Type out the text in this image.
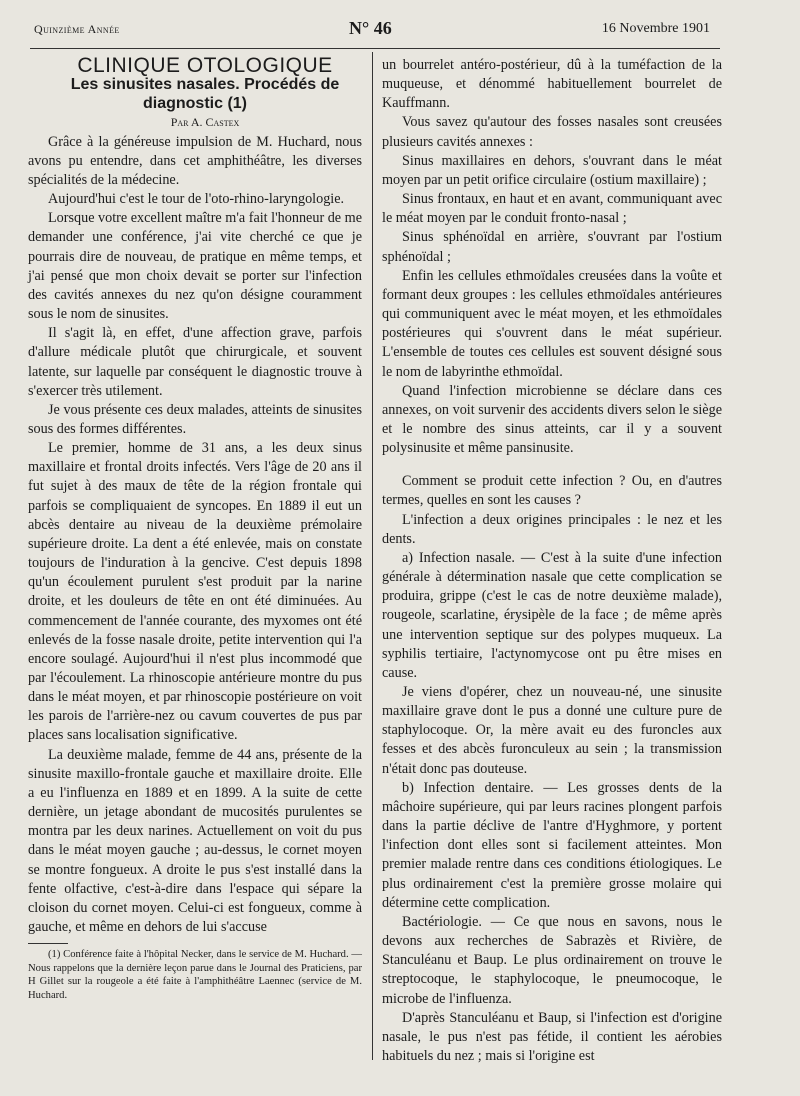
Quinzième Année	N° 46	16 Novembre 1901

CLINIQUE OTOLOGIQUE

Les sinusites nasales. Procédés de diagnostic (1)

Par A. Castex

Grâce à la généreuse impulsion de M. Huchard, nous avons pu entendre, dans cet amphithéâtre, les diverses spécialités de la médecine.

Aujourd'hui c'est le tour de l'oto-rhino-laryngologie.

Lorsque votre excellent maître m'a fait l'honneur de me demander une conférence, j'ai vite cherché ce que je pourrais dire de nouveau, de pratique en même temps, et j'ai pensé que mon choix devait se porter sur l'infection des cavités annexes du nez qu'on désigne couramment sous le nom de sinusites.

Il s'agit là, en effet, d'une affection grave, parfois d'allure médicale plutôt que chirurgicale, et souvent latente, sur laquelle par conséquent le diagnostic trouve à s'exercer très utilement.

Je vous présente ces deux malades, atteints de sinusites sous des formes différentes.

Le premier, homme de 31 ans, a les deux sinus maxillaire et frontal droits infectés. Vers l'âge de 20 ans il fut sujet à des maux de tête de la région frontale qui parfois se compliquaient de syncopes. En 1889 il eut un abcès dentaire au niveau de la deuxième prémolaire supérieure droite. La dent a été enlevée, mais on constate toujours de l'induration à la gencive. C'est depuis 1898 qu'un écoulement purulent s'est produit par la narine droite, et les douleurs de tête en ont été diminuées. Au commencement de l'année courante, des myxomes ont été enlevés de la fosse nasale droite, petite intervention qui l'a encore soulagé. Aujourd'hui il n'est plus incommodé que par l'écoulement. La rhinoscopie antérieure montre du pus dans le méat moyen, et par rhinoscopie postérieure on voit les parois de l'arrière-nez ou cavum couvertes de pus par places sans localisation significative.

La deuxième malade, femme de 44 ans, présente de la sinusite maxillo-frontale gauche et maxillaire droite. Elle a eu l'influenza en 1889 et en 1899. A la suite de cette dernière, un jetage abondant de mucosités purulentes se montra par les deux narines. Actuellement on voit du pus dans le méat moyen gauche ; au-dessus, le cornet moyen se montre fongueux. A droite le pus s'est installé dans la fente olfactive, c'est-à-dire dans l'espace qui sépare la cloison du cornet moyen. Celui-ci est fongueux, comme à gauche, et même en dehors de lui s'accuse

(1) Conférence faite à l'hôpital Necker, dans le service de M. Huchard. — Nous rappelons que la dernière leçon parue dans le Journal des Praticiens, par H Gillet sur la rougeole a été faite à l'amphithéâtre Laennec (service de M. Huchard.

un bourrelet antéro-postérieur, dû à la tuméfaction de la muqueuse, et dénommé habituellement bourrelet de Kauffmann.

Vous savez qu'autour des fosses nasales sont creusées plusieurs cavités annexes :

Sinus maxillaires en dehors, s'ouvrant dans le méat moyen par un petit orifice circulaire (ostium maxillaire) ;

Sinus frontaux, en haut et en avant, communiquant avec le méat moyen par le conduit fronto-nasal ;

Sinus sphénoïdal en arrière, s'ouvrant par l'ostium sphénoïdal ;

Enfin les cellules ethmoïdales creusées dans la voûte et formant deux groupes : les cellules ethmoïdales antérieures qui communiquent avec le méat moyen, et les ethmoïdales postérieures qui s'ouvrent dans le méat supérieur. L'ensemble de toutes ces cellules est souvent désigné sous le nom de labyrinthe ethmoïdal.

Quand l'infection microbienne se déclare dans ces annexes, on voit survenir des accidents divers selon le siège et le nombre des sinus atteints, car il y a souvent polysinusite et même pansinusite.

Comment se produit cette infection ? Ou, en d'autres termes, quelles en sont les causes ?

L'infection a deux origines principales : le nez et les dents.

a) Infection nasale. — C'est à la suite d'une infection générale à détermination nasale que cette complication se produira, grippe (c'est le cas de notre deuxième malade), rougeole, scarlatine, érysipèle de la face ; de même après une intervention septique sur des polypes muqueux. La syphilis tertiaire, l'actynomycose ont pu être mises en cause.

Je viens d'opérer, chez un nouveau-né, une sinusite maxillaire grave dont le pus a donné une culture pure de staphylocoque. Or, la mère avait eu des furoncles aux fesses et des abcès furonculeux au sein ; la transmission n'était donc pas douteuse.

b) Infection dentaire. — Les grosses dents de la mâchoire supérieure, qui par leurs racines plongent parfois dans la partie déclive de l'antre d'Hyghmore, y portent l'infection dont elles sont si facilement atteintes. Mon premier malade rentre dans ces conditions étiologiques. Le plus ordinairement c'est la première grosse molaire qui détermine cette complication.

Bactériologie. — Ce que nous en savons, nous le devons aux recherches de Sabrazès et Rivière, de Stanculéanu et Baup. Le plus ordinairement on trouve le streptocoque, le staphylocoque, le pneumocoque, le microbe de l'influenza.

D'après Stanculéanu et Baup, si l'infection est d'origine nasale, le pus n'est pas fétide, il contient les aérobies habituels du nez ; mais si l'origine est
